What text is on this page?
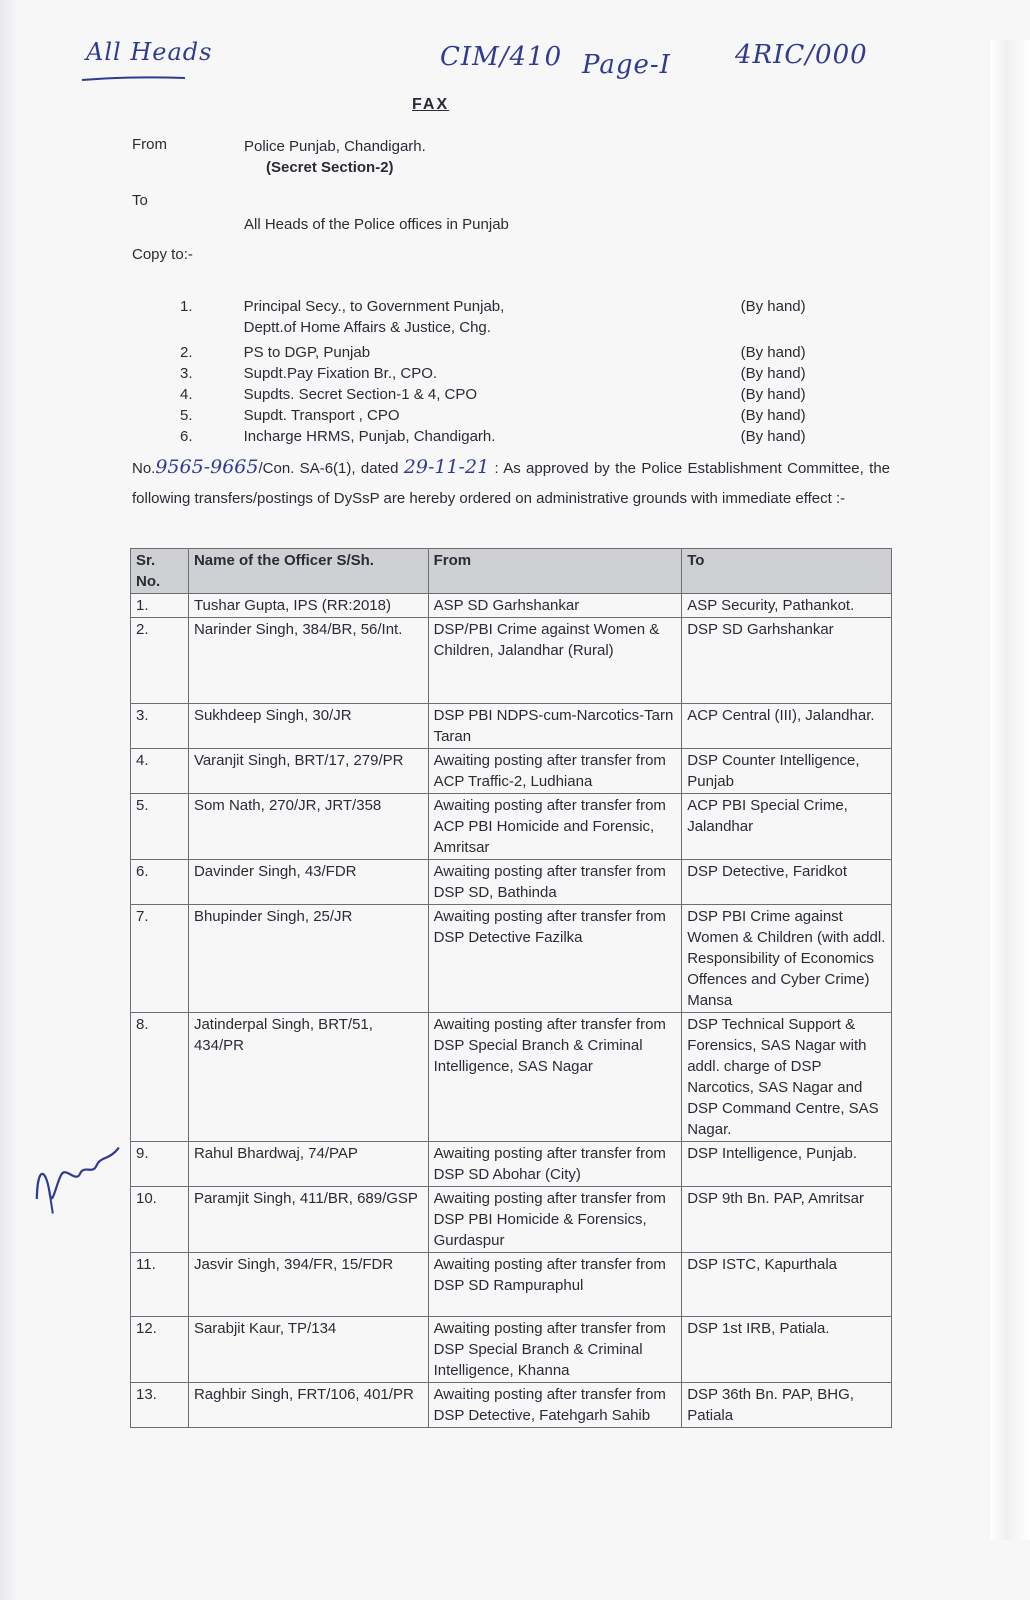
All Heads	CIM/410 Page-I 4RIC/000
FAX
From	Police Punjab, Chandigarh.
(Secret Section-2)
To
All Heads of the Police offices in Punjab
Copy to:-
1.	Principal Secy., to Government Punjab,	(By hand)
Deptt.of Home Affairs & Justice, Chg.
2.	PS to DGP, Punjab	(By hand)
3.	Supdt.Pay Fixation Br., CPO.	(By hand)
4.	Supdts. Secret Section-1 & 4, CPO	(By hand)
5.	Supdt. Transport , CPO	(By hand)
6.	Incharge HRMS, Punjab, Chandigarh.	(By hand)
No.9565-9665/Con. SA-6(1), dated 29-11-21 : As approved by the Police Establishment Committee, the following transfers/postings of DySsP are hereby ordered on administrative grounds with immediate effect :-
Sr. No.	Name of the Officer S/Sh.	From	To
1.	Tushar Gupta, IPS (RR:2018)	ASP SD Garhshankar	ASP Security, Pathankot.
2.	Narinder Singh, 384/BR, 56/Int.	DSP/PBI Crime against Women & Children, Jalandhar (Rural)	DSP SD Garhshankar
3.	Sukhdeep Singh, 30/JR	DSP PBI NDPS-cum-Narcotics-Tarn Taran	ACP Central (III), Jalandhar.
4.	Varanjit Singh, BRT/17, 279/PR	Awaiting posting after transfer from ACP Traffic-2, Ludhiana	DSP Counter Intelligence, Punjab
5.	Som Nath, 270/JR, JRT/358	Awaiting posting after transfer from ACP PBI Homicide and Forensic, Amritsar	ACP PBI Special Crime, Jalandhar
6.	Davinder Singh, 43/FDR	Awaiting posting after transfer from DSP SD, Bathinda	DSP Detective, Faridkot
7.	Bhupinder Singh, 25/JR	Awaiting posting after transfer from DSP Detective Fazilka	DSP PBI Crime against Women & Children (with addl. Responsibility of Economics Offences and Cyber Crime) Mansa
8.	Jatinderpal Singh, BRT/51, 434/PR	Awaiting posting after transfer from DSP Special Branch & Criminal Intelligence, SAS Nagar	DSP Technical Support & Forensics, SAS Nagar with addl. charge of DSP Narcotics, SAS Nagar and DSP Command Centre, SAS Nagar.
9.	Rahul Bhardwaj, 74/PAP	Awaiting posting after transfer from DSP SD Abohar (City)	DSP Intelligence, Punjab.
10.	Paramjit Singh, 411/BR, 689/GSP	Awaiting posting after transfer from DSP PBI Homicide & Forensics, Gurdaspur	DSP 9th Bn. PAP, Amritsar
11.	Jasvir Singh, 394/FR, 15/FDR	Awaiting posting after transfer from DSP SD Rampuraphul	DSP ISTC, Kapurthala
12.	Sarabjit Kaur, TP/134	Awaiting posting after transfer from DSP Special Branch & Criminal Intelligence, Khanna	DSP 1st IRB, Patiala.
13.	Raghbir Singh, FRT/106, 401/PR	Awaiting posting after transfer from DSP Detective, Fatehgarh Sahib	DSP 36th Bn. PAP, BHG, Patiala
